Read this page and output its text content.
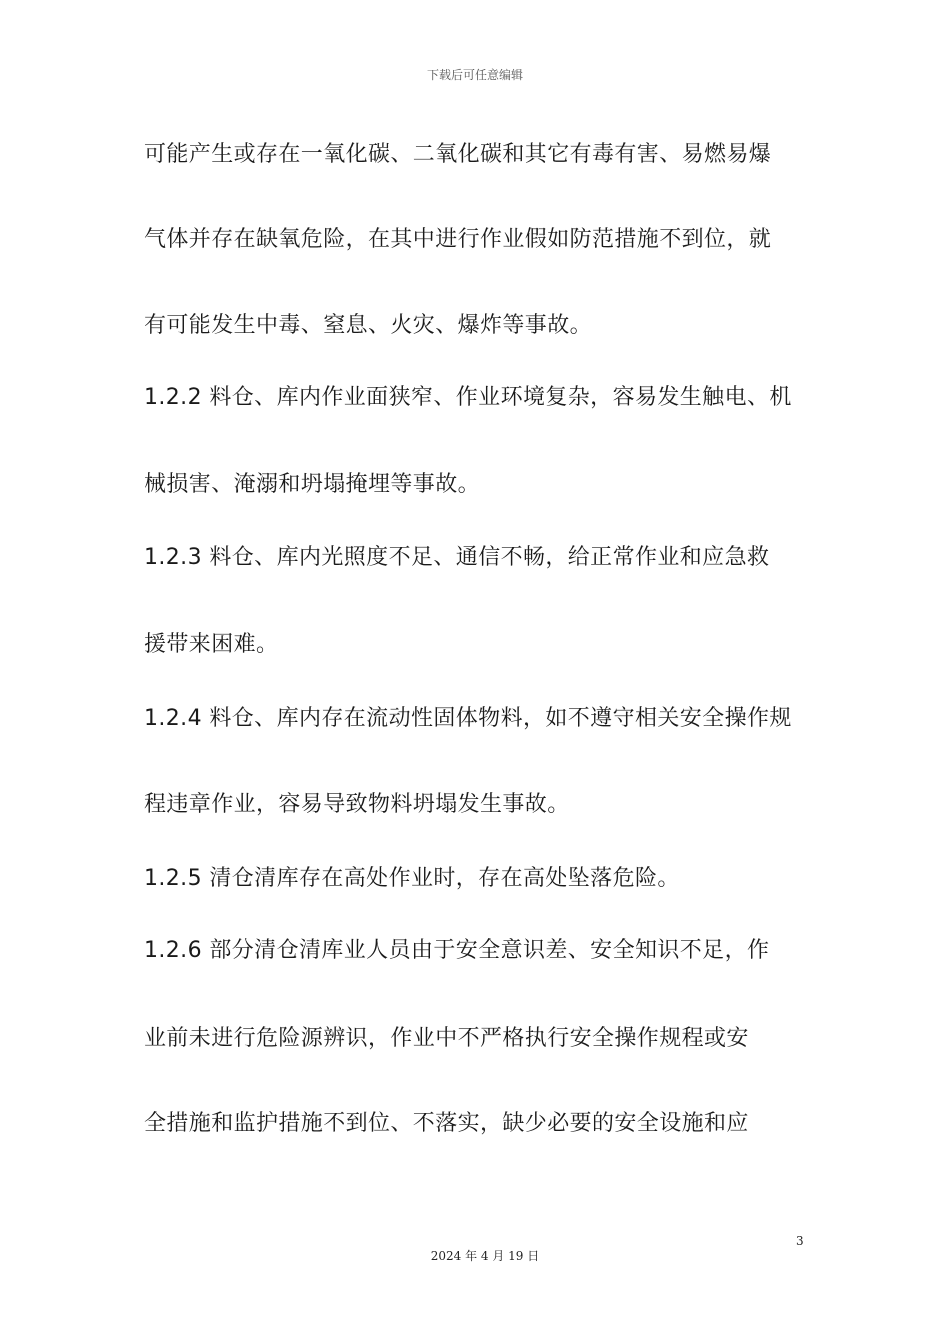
下载后可任意编辑
可能产生或存在一氧化碳、二氧化碳和其它有毒有害、易燃易爆
气体并存在缺氧危险，在其中进行作业假如防范措施不到位，就
有可能发生中毒、窒息、火灾、爆炸等事故。
1.2.2 料仓、库内作业面狭窄、作业环境复杂，容易发生触电、机
械损害、淹溺和坍塌掩埋等事故。
1.2.3 料仓、库内光照度不足、通信不畅，给正常作业和应急救
援带来困难。
1.2.4 料仓、库内存在流动性固体物料，如不遵守相关安全操作规
程违章作业，容易导致物料坍塌发生事故。
1.2.5 清仓清库存在高处作业时，存在高处坠落危险。
1.2.6 部分清仓清库业人员由于安全意识差、安全知识不足，作
业前未进行危险源辨识，作业中不严格执行安全操作规程或安
全措施和监护措施不到位、不落实，缺少必要的安全设施和应
3
2024 年 4 月 19 日
